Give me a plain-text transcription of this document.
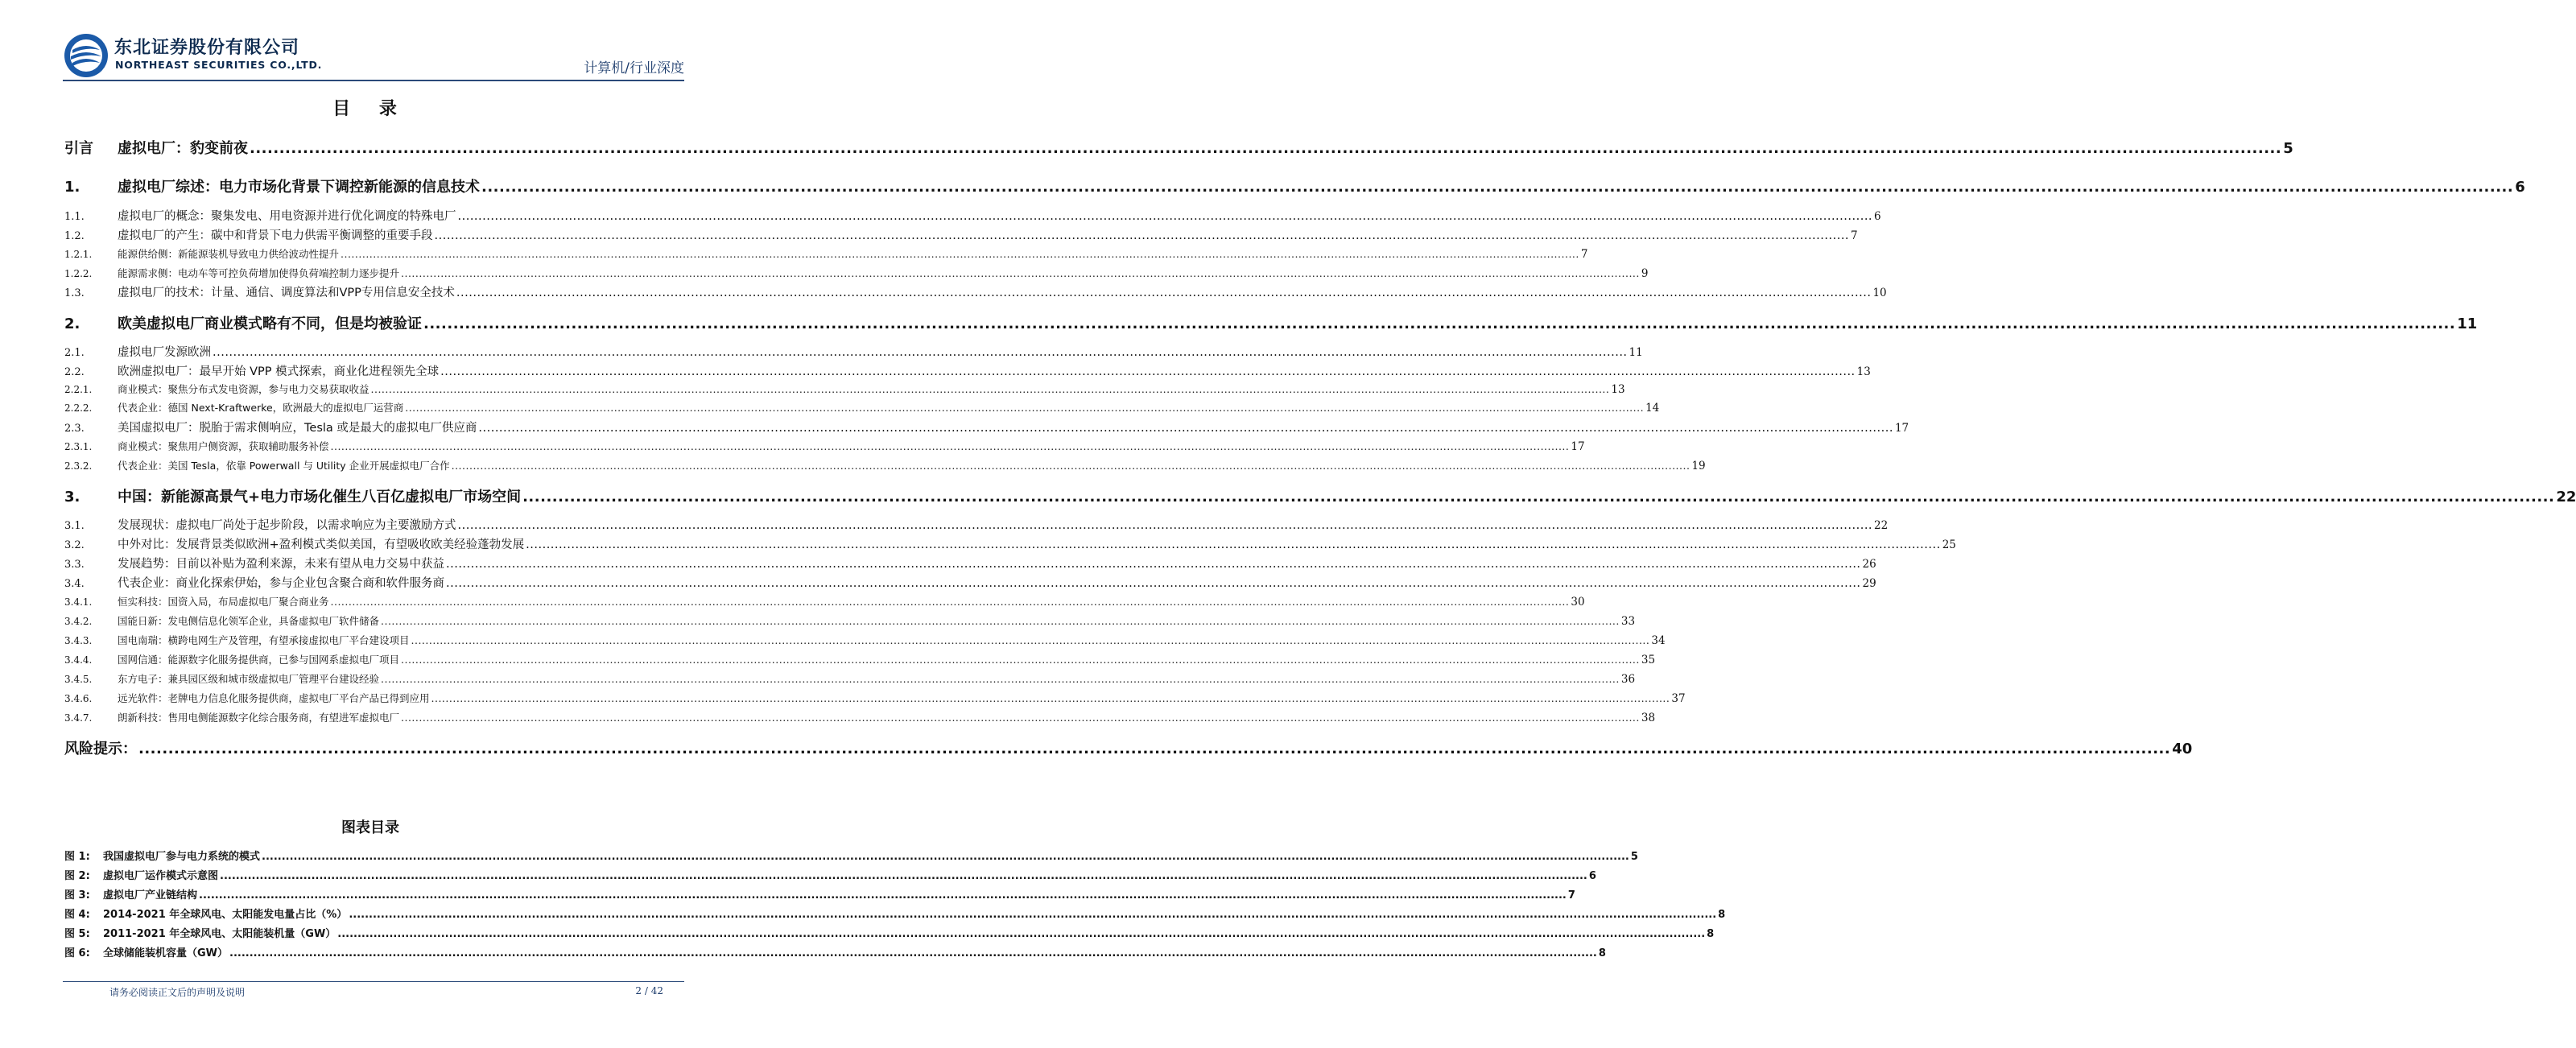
东北证券股份有限公司
NORTHEAST SECURITIES CO.,LTD.	计算机/行业深度
目 录
引言	虚拟电厂：豹变前夜 .....	5
1.	虚拟电厂综述：电力市场化背景下调控新能源的信息技术 .....	6
1.1.	虚拟电厂的概念：聚集发电、用电资源并进行优化调度的特殊电厂 .....	6
1.2.	虚拟电厂的产生：碳中和背景下电力供需平衡调整的重要手段 .....	7
1.2.1.	能源供给侧：新能源装机导致电力供给波动性提升 .....	7
1.2.2.	能源需求侧：电动车等可控负荷增加使得负荷端控制力逐步提升 .....	9
1.3.	虚拟电厂的技术：计量、通信、调度算法和VPP专用信息安全技术 .....	10
2.	欧美虚拟电厂商业模式略有不同，但是均被验证 .....	11
2.1.	虚拟电厂发源欧洲 .....	11
2.2.	欧洲虚拟电厂：最早开始 VPP 模式探索，商业化进程领先全球 .....	13
2.2.1.	商业模式：聚焦分布式发电资源，参与电力交易获取收益 .....	13
2.2.2.	代表企业：德国 Next-Kraftwerke，欧洲最大的虚拟电厂运营商 .....	14
2.3.	美国虚拟电厂：脱胎于需求侧响应，Tesla 或是最大的虚拟电厂供应商 .....	17
2.3.1.	商业模式：聚焦用户侧资源，获取辅助服务补偿 .....	17
2.3.2.	代表企业：美国 Tesla，依靠 Powerwall 与 Utility 企业开展虚拟电厂合作 .....	19
3.	中国：新能源高景气+电力市场化催生八百亿虚拟电厂市场空间 .....	22
3.1.	发展现状：虚拟电厂尚处于起步阶段，以需求响应为主要激励方式 .....	22
3.2.	中外对比：发展背景类似欧洲+盈利模式类似美国，有望吸收欧美经验蓬勃发展 .....	25
3.3.	发展趋势：目前以补贴为盈利来源，未来有望从电力交易中获益 .....	26
3.4.	代表企业：商业化探索伊始，参与企业包含聚合商和软件服务商 .....	29
3.4.1.	恒实科技：国资入局，布局虚拟电厂聚合商业务 .....	30
3.4.2.	国能日新：发电侧信息化领军企业，具备虚拟电厂软件储备 .....	33
3.4.3.	国电南瑞：横跨电网生产及管理，有望承接虚拟电厂平台建设项目 .....	34
3.4.4.	国网信通：能源数字化服务提供商，已参与国网系虚拟电厂项目 .....	35
3.4.5.	东方电子：兼具园区级和城市级虚拟电厂管理平台建设经验 .....	36
3.4.6.	远光软件：老牌电力信息化服务提供商，虚拟电厂平台产品已得到应用 .....	37
3.4.7.	朗新科技：售用电侧能源数字化综合服务商，有望进军虚拟电厂 .....	38
风险提示： .....	40
图表目录
图 1:	我国虚拟电厂参与电力系统的模式 .....	5
图 2:	虚拟电厂运作模式示意图 .....	6
图 3:	虚拟电厂产业链结构 .....	7
图 4:	2014-2021 年全球风电、太阳能发电量占比（%） .....	8
图 5:	2011-2021 年全球风电、太阳能装机量（GW） .....	8
图 6:	全球储能装机容量（GW） .....	8
请务必阅读正文后的声明及说明	2 / 42
